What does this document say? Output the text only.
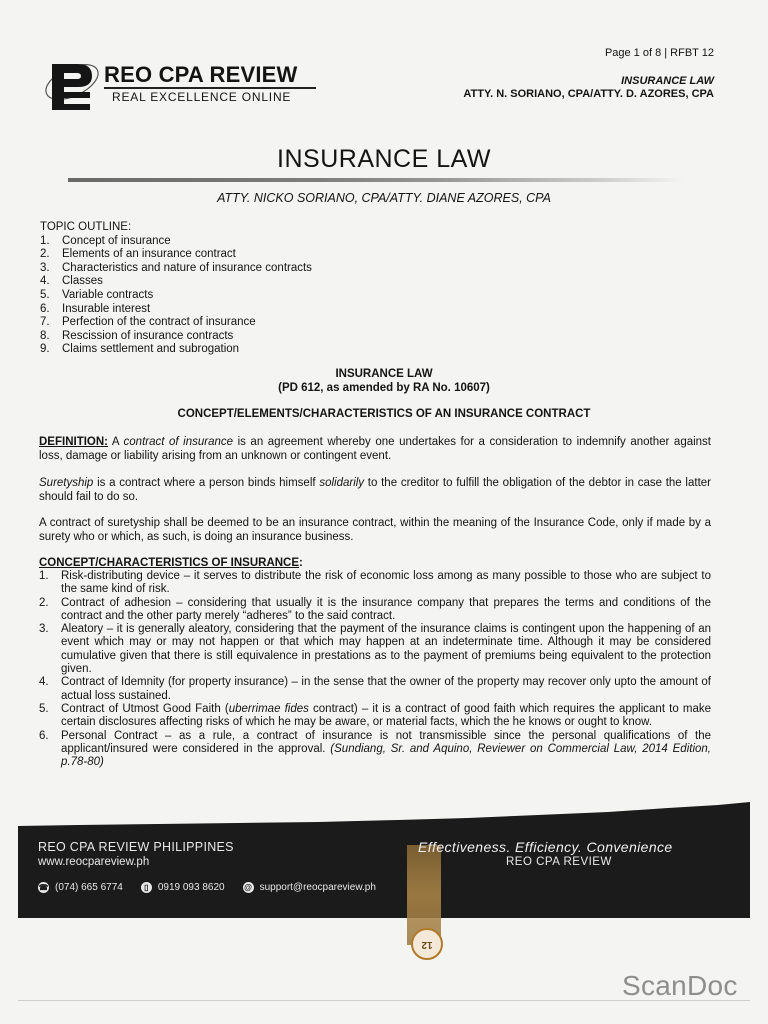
REO CPA REVIEW
REAL EXCELLENCE ONLINE
Page 1 of 8 | RFBT 12
INSURANCE LAW
ATTY. N. SORIANO, CPA/ATTY. D. AZORES, CPA
INSURANCE LAW
ATTY. NICKO SORIANO, CPA/ATTY. DIANE AZORES, CPA
TOPIC OUTLINE:
1.	Concept of insurance
2.	Elements of an insurance contract
3.	Characteristics and nature of insurance contracts
4.	Classes
5.	Variable contracts
6.	Insurable interest
7.	Perfection of the contract of insurance
8.	Rescission of insurance contracts
9.	Claims settlement and subrogation
INSURANCE LAW
(PD 612, as amended by RA No. 10607)
CONCEPT/ELEMENTS/CHARACTERISTICS OF AN INSURANCE CONTRACT
DEFINITION: A contract of insurance is an agreement whereby one undertakes for a consideration to indemnify another against loss, damage or liability arising from an unknown or contingent event.
Suretyship is a contract where a person binds himself solidarily to the creditor to fulfill the obligation of the debtor in case the latter should fail to do so.
A contract of suretyship shall be deemed to be an insurance contract, within the meaning of the Insurance Code, only if made by a surety who or which, as such, is doing an insurance business.
CONCEPT/CHARACTERISTICS OF INSURANCE:
1.	Risk-distributing device – it serves to distribute the risk of economic loss among as many possible to those who are subject to the same kind of risk.
2.	Contract of adhesion – considering that usually it is the insurance company that prepares the terms and conditions of the contract and the other party merely “adheres” to the said contract.
3.	Aleatory – it is generally aleatory, considering that the payment of the insurance claims is contingent upon the happening of an event which may or may not happen or that which may happen at an indeterminate time. Although it may be considered cumulative given that there is still equivalence in prestations as to the payment of premiums being equivalent to the protection given.
4.	Contract of Idemnity (for property insurance) – in the sense that the owner of the property may recover only upto the amount of actual loss sustained.
5.	Contract of Utmost Good Faith (uberrimae fides contract) – it is a contract of good faith which requires the applicant to make certain disclosures affecting risks of which he may be aware, or material facts, which the he knows or ought to know.
6.	Personal Contract – as a rule, a contract of insurance is not transmissible since the personal qualifications of the applicant/insured were considered in the approval. (Sundiang, Sr. and Aquino, Reviewer on Commercial Law, 2014 Edition, p.78-80)
REO CPA REVIEW PHILIPPINES
www.reocpareview.ph
☎ (074) 665 6774	▯ 0919 093 8620 @ support@reocpareview.ph
Effectiveness. Efficiency. Convenience
REO CPA REVIEW
12
ScanDoc
